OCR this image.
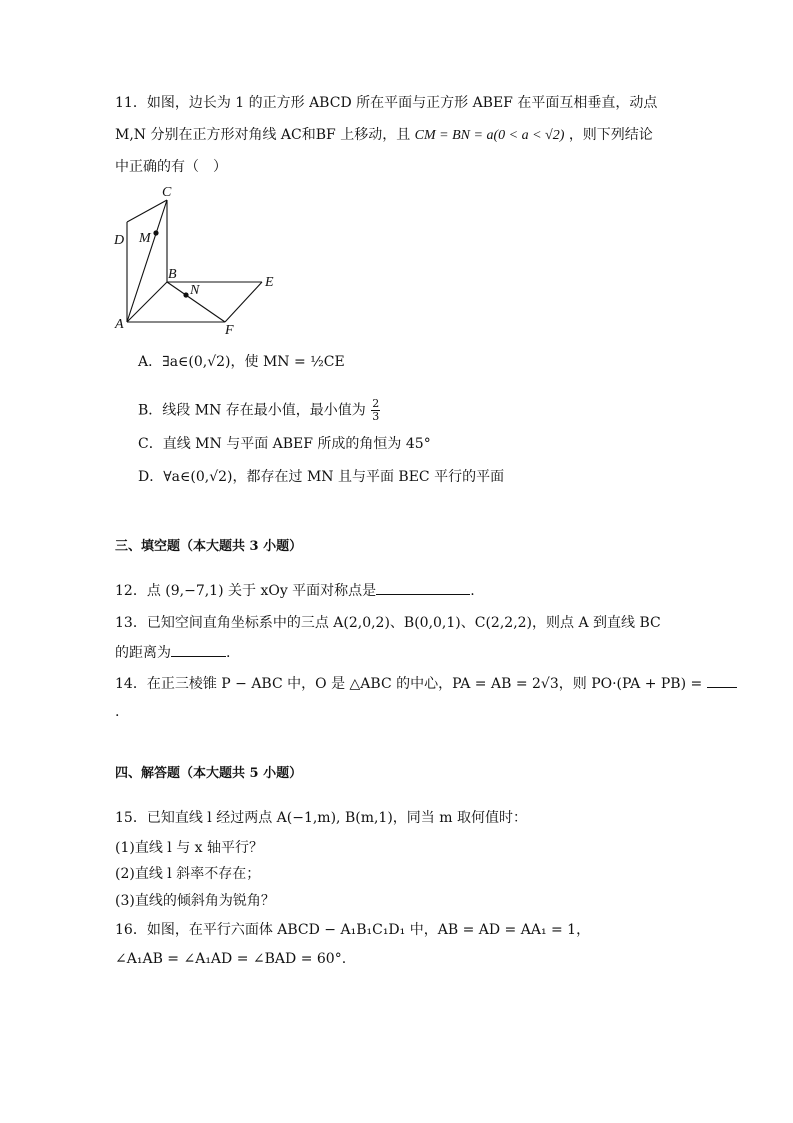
11．如图，边长为 1 的正方形 ABCD 所在平面与正方形 ABEF 在平面互相垂直，动点
M,N 分别在正方形对角线 AC和BF 上移动，且 CM = BN = a(0 < a < √2) ，则下列结论
中正确的有（　）
C
D M
B
N
E
A	F
A．∃a∈(0,√2)，使 MN = ½CE
B．线段 MN 存在最小值，最小值为 $\frac{2}{3}$
C．直线 MN 与平面 ABEF 所成的角恒为 45°
D．∀a∈(0,√2)，都存在过 MN 且与平面 BEC 平行的平面
三、填空题（本大题共 3 小题）
12．点 (9,−7,1) 关于 xOy 平面对称点是	.
13．已知空间直角坐标系中的三点 A(2,0,2)、B(0,0,1)、C(2,2,2)，则点 A 到直线 BC
的距离为	.
14．在正三棱锥 P − ABC 中，O 是 △ABC 的中心，PA = AB = 2√3，则 PO·(PA + PB) =
.
四、解答题（本大题共 5 小题）
15．已知直线 l 经过两点 A(−1,m), B(m,1)，同当 m 取何值时：
(1)直线 l 与 x 轴平行？
(2)直线 l 斜率不存在；
(3)直线的倾斜角为锐角？
16．如图，在平行六面体 ABCD − A₁B₁C₁D₁ 中，AB = AD = AA₁ = 1，
∠A₁AB = ∠A₁AD = ∠BAD = 60°.
